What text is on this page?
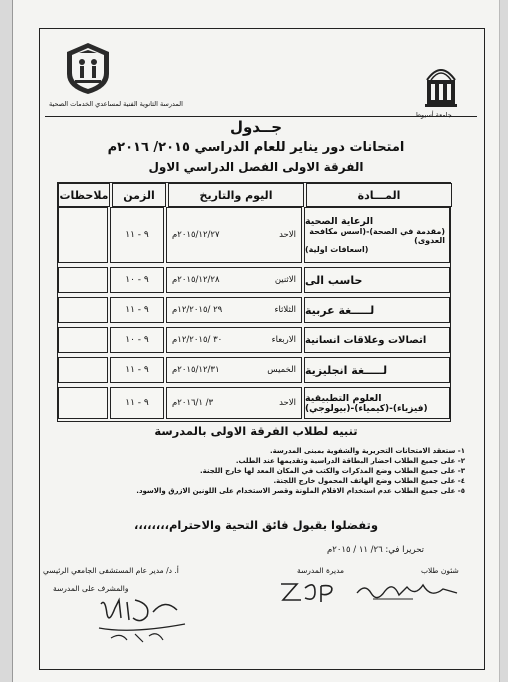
المدرسة الثانوية الفنية لمساعدي الخدمات الصحية
جامعة أسيوط
جــدول
امتحانات دور يناير للعام الدراسي ٢٠١٥/ ٢٠١٦م
الفرقة الاولى الفصل الدراسي الاول
المـــادة
اليوم والتاريخ
الزمن
ملاحظات
الرعاية الصحية
(مقدمة في الصحة)-(اسس مكافحة العدوى)
(اسعافات اولية)
الاحد
٢٠١٥/١٢/٢٧م
٩ - ١١
حاسب الى
الاثنين
٢٠١٥/١٢/٢٨م
٩ - ١٠
لـــــغة عربية
الثلاثاء
٢٩ /١٢/٢٠١٥م
٩ - ١١
اتصالات وعلاقات انسانية
الاربعاء
٣٠ /١٢/٢٠١٥م
٩ - ١٠
لـــــغة انجليزية
الخميس
٢٠١٥/١٢/٣١م
٩ - ١١
العلوم التطبيقية
(فيزياء)-(كيمياء)-(بيولوجي)
الاحد
٣/ ٢٠١٦/١م
٩ - ١١
تنبيه لطلاب الفرقة الاولى بالمدرسة
١- ستعقد الامتحانات التحريرية والشفوية بمبنى المدرسة.
٢- على جميع الطلاب احضار البطاقة الدراسية وتقديمها عند الطلب.
٣- على جميع الطلاب وضع المذكرات والكتب في المكان المعد لها خارج اللجنة.
٤- على جميع الطلاب وضع الهاتف المحمول خارج اللجنة.
٥- على جميع الطلاب عدم استخدام الاقلام الملونة وقصر الاستخدام على اللونين الازرق والاسود.
وتفضلوا بقبول فائق التحية والاحترام،،،،،،،،
تحريرا في: ٢٦/ ١١ / ٢٠١٥م
شئون طلاب
مديرة المدرسة
أ. د/ مدير عام المستشفى الجامعي الرئيسي
والمشرف على المدرسة
